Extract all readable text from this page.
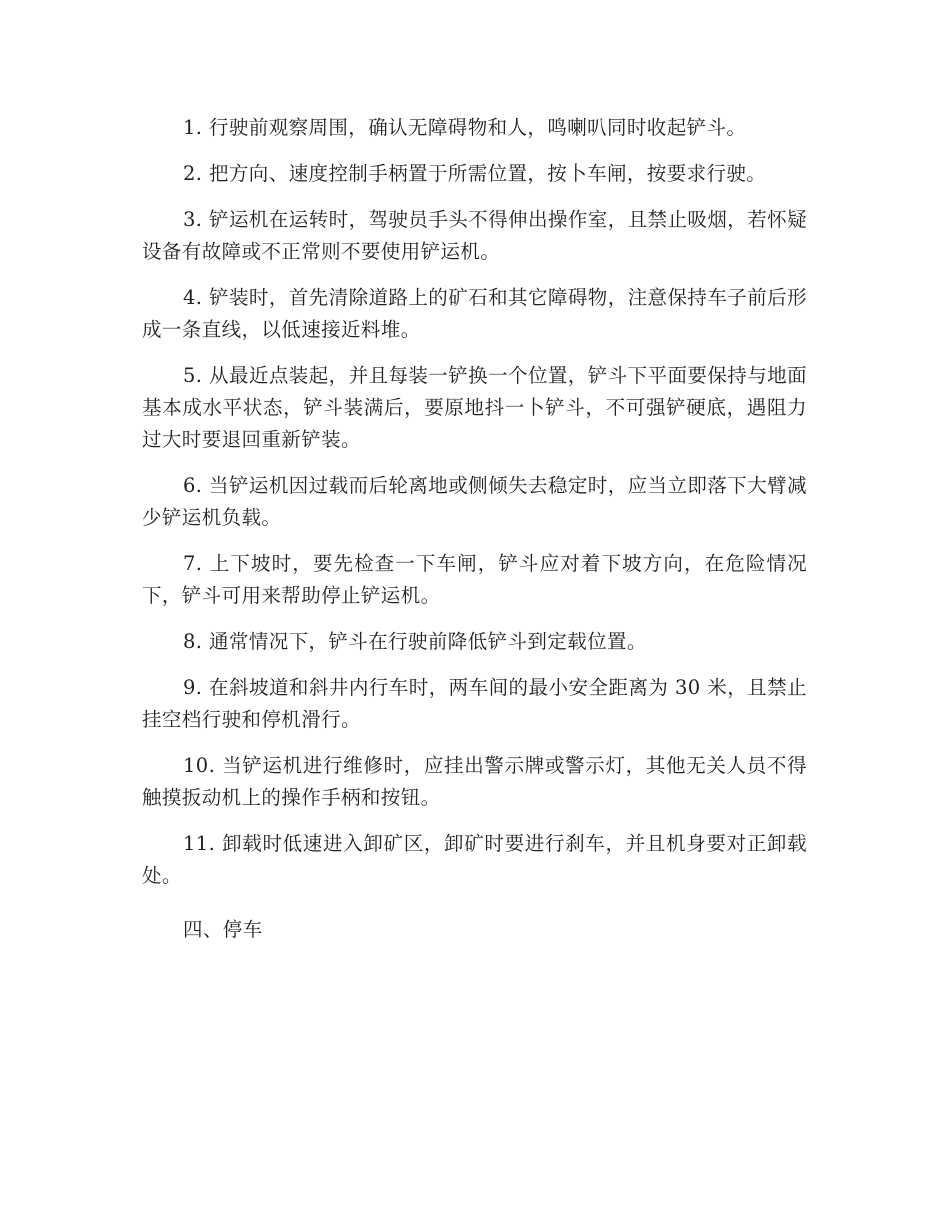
1. 行驶前观察周围，确认无障碍物和人，鸣喇叭同时收起铲斗。

2. 把方向、速度控制手柄置于所需位置，按卜车闸，按要求行驶。

3. 铲运机在运转时，驾驶员手头不得伸出操作室，且禁止吸烟，若怀疑设备有故障或不正常则不要使用铲运机。

4. 铲装时，首先清除道路上的矿石和其它障碍物，注意保持车子前后形成一条直线，以低速接近料堆。

5. 从最近点装起，并且每装一铲换一个位置，铲斗下平面要保持与地面基本成水平状态，铲斗装满后，要原地抖一卜铲斗，不可强铲硬底，遇阻力过大时要退回重新铲装。

6. 当铲运机因过载而后轮离地或侧倾失去稳定时，应当立即落下大臂减少铲运机负载。

7. 上下坡时，要先检查一下车闸，铲斗应对着下坡方向，在危险情况下，铲斗可用来帮助停止铲运机。

8. 通常情况下，铲斗在行驶前降低铲斗到定载位置。

9. 在斜坡道和斜井内行车时，两车间的最小安全距离为 30 米，且禁止挂空档行驶和停机滑行。

10. 当铲运机进行维修时，应挂出警示牌或警示灯，其他无关人员不得触摸扳动机上的操作手柄和按钮。

11. 卸载时低速进入卸矿区，卸矿时要进行刹车，并且机身要对正卸载处。

四、停车
